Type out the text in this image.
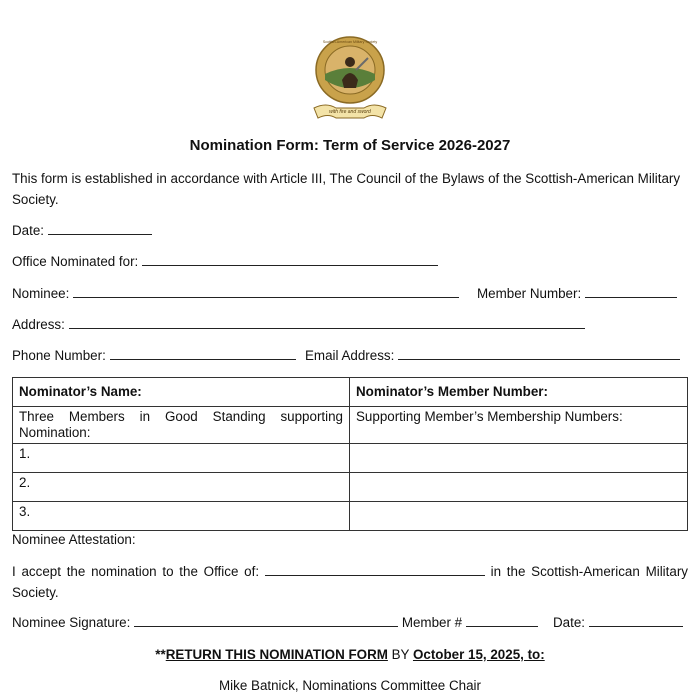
Scottish-American Military Society
with fire and sword
Nomination Form: Term of Service 2026-2027
This form is established in accordance with Article III, The Council of the Bylaws of the Scottish-American Military Society.
Date:
Office Nominated for:
Nominee:	Member Number:
Address:
Phone Number:	Email Address:
Nominator’s Name:	Nominator’s Member Number:
Three Members in Good Standing supporting Nomination:	Supporting Member’s Membership Numbers:
1.	
2.	
3.	
Nominee Attestation:
I accept the nomination to the Office of:	in the Scottish-American Military Society.
Nominee Signature:	Member #	Date:
**RETURN THIS NOMINATION FORM BY October 15, 2025, to:
Mike Batnick, Nominations Committee Chair
